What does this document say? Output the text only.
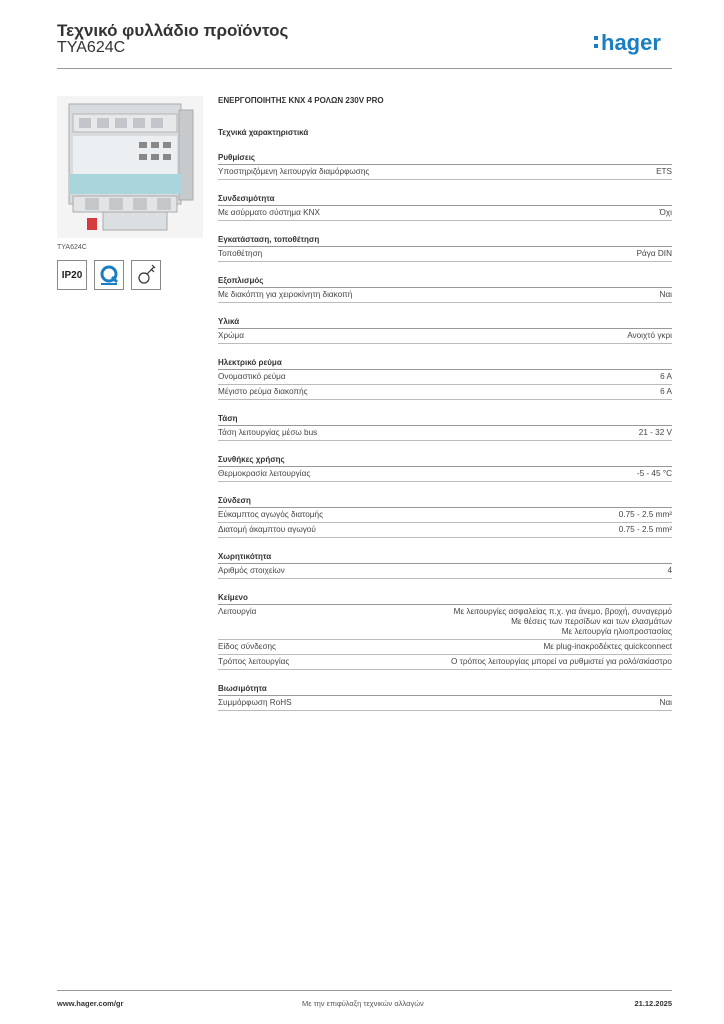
Τεχνικό φυλλάδιο προϊόντος
TYA624C	hager
TYA624C
IP20
ΕΝΕΡΓΟΠΟΙΗΤΗΣ KNX 4 ΡΟΛΩΝ 230V PRO
Τεχνικά χαρακτηριστικά
Ρυθμίσεις
Υποστηριζόμενη λειτουργία διαμόρφωσης	ETS
Συνδεσιμότητα
Με ασύρματο σύστημα KNX	Όχι
Εγκατάσταση, τοποθέτηση
Τοποθέτηση	Ράγα DIN
Εξοπλισμός
Με διακόπτη για χειροκίνητη διακοπή	Ναι
Υλικά
Χρώμα	Ανοιχτό γκρι
Ηλεκτρικό ρεύμα
Ονομαστικό ρεύμα	6 A
Μέγιστο ρεύμα διακοπής	6 A
Τάση
Τάση λειτουργίας μέσω bus	21 - 32 V
Συνθήκες χρήσης
Θερμοκρασία λειτουργίας	-5 - 45 °C
Σύνδεση
Εύκαμπτος αγωγός διατομής	0.75 - 2.5 mm²
Διατομή άκαμπτου αγωγού	0.75 - 2.5 mm²
Χωρητικότητα
Αριθμός στοιχείων	4
Κείμενο
Λειτουργία	Με λειτουργίες ασφαλείας π.χ. για άνεμο, βροχή, συναγερμό
Με θέσεις των περσίδων και των ελασμάτων
Με λειτουργία ηλιοπροστασίας
Είδος σύνδεσης	Με plug-inακροδέκτες quickconnect
Τρόπος λειτουργίας	Ο τρόπος λειτουργίας μπορεί να ρυθμιστεί για ρολό/σκίαστρο
Βιωσιμότητα
Συμμόρφωση RoHS	Ναι
www.hager.com/gr	Με την επιφύλαξη τεχνικών αλλαγών	21.12.2025
